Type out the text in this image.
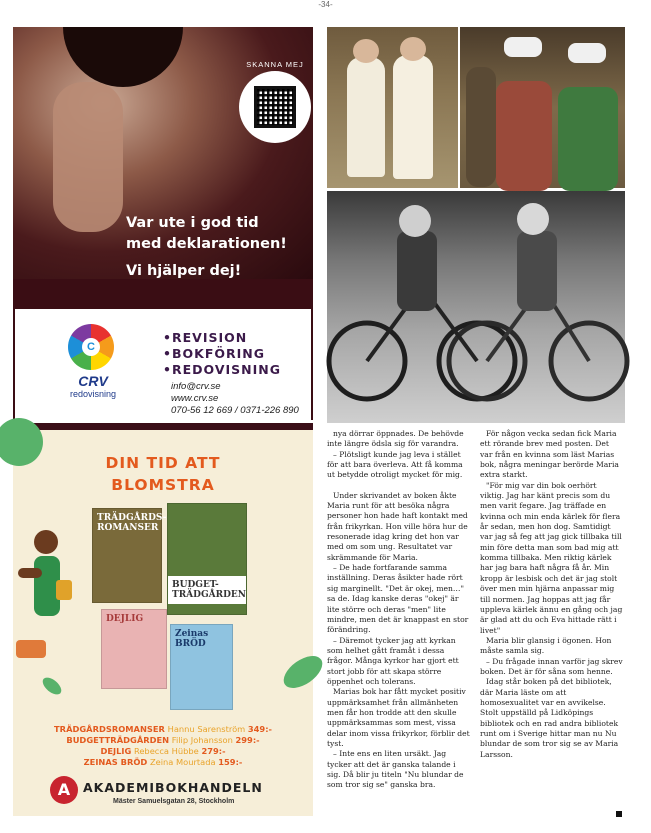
-34-
SKANNA MEJ
Var ute i god tid
med deklarationen!

Vi hjälper dej!
C
CRV
redovisning
•REVISION
•BOKFÖRING
•REDOVISNING
info@crv.se
www.crv.se
070-56 12 669 / 0371-226 890
DIN TID ATT
BLOMSTRA
TRÄDGÅRDS-ROMANSER
BUDGET-TRÄDGÅRDEN
DEJLIG
Zeinas BRÖD
TRÄDGÅRDSROMANSER Hannu Sarenström 349:-
BUDGETTRÄDGÅRDEN Filip Johansson 299:-
DEJLIG Rebecca Hübbe 279:-
ZEINAS BRÖD Zeina Mourtada 159:-
A	AKADEMIBOKHANDELN
Mäster Samuelsgatan 28, Stockholm

nya dörrar öppnades. De behövde inte längre ödsla sig för varandra.

– Plötsligt kunde jag leva i stället för att bara överleva. Att få komma ut betydde otroligt mycket för mig.

Under skrivandet av boken åkte Maria runt för att besöka några personer hon hade haft kontakt med från frikyrkan. Hon ville höra hur de resonerade idag kring det hon var med om som ung. Resultatet var skrämmande för Maria.

– De hade fortfarande samma inställning. Deras åsikter hade rört sig marginellt. "Det är okej, men…" sa de. Idag kanske deras "okej" är lite större och deras "men" lite mindre, men det är knappast en stor förändring.

– Däremot tycker jag att kyrkan som helhet gått framåt i dessa frågor. Många kyrkor har gjort ett stort jobb för att skapa större öppenhet och tolerans.

Marias bok har fått mycket positiv uppmärksamhet från allmänheten men får hon trodde att den skulle uppmärksammas som mest, vissa delar inom vissa frikyrkor, förblir det tyst.

– Inte ens en liten ursäkt. Jag tycker att det är ganska talande i sig. Då blir ju titeln "Nu blundar de som tror sig se" ganska bra.

För någon vecka sedan fick Maria ett rörande brev med posten. Det var från en kvinna som läst Marias bok, några meningar berörde Maria extra starkt.

"För mig var din bok oerhört viktig. Jag har känt precis som du men varit fegare. Jag träffade en kvinna och min enda kärlek för flera år sedan, men hon dog. Samtidigt var jag så feg att jag gick tillbaka till min före detta man som bad mig att komma tillbaka. Men riktig kärlek har jag bara haft några få år. Min kropp är lesbisk och det är jag stolt över men min hjärna anpassar mig till normen. Jag hoppas att jag får uppleva kärlek ännu en gång och jag är glad att du och Eva hittade rätt i livet"

Maria blir glansig i ögonen. Hon måste samla sig.

– Du frågade innan varför jag skrev boken. Det är för sånа som henne.

Idag står boken på det bibliotek, där Maria läste om att homosexualitet var en avvikelse. Stolt uppställd på Lidköpings bibliotek och en rad andra bibliotek runt om i Sverige hittar man nu Nu blundar de som tror sig se av Maria Larsson.
